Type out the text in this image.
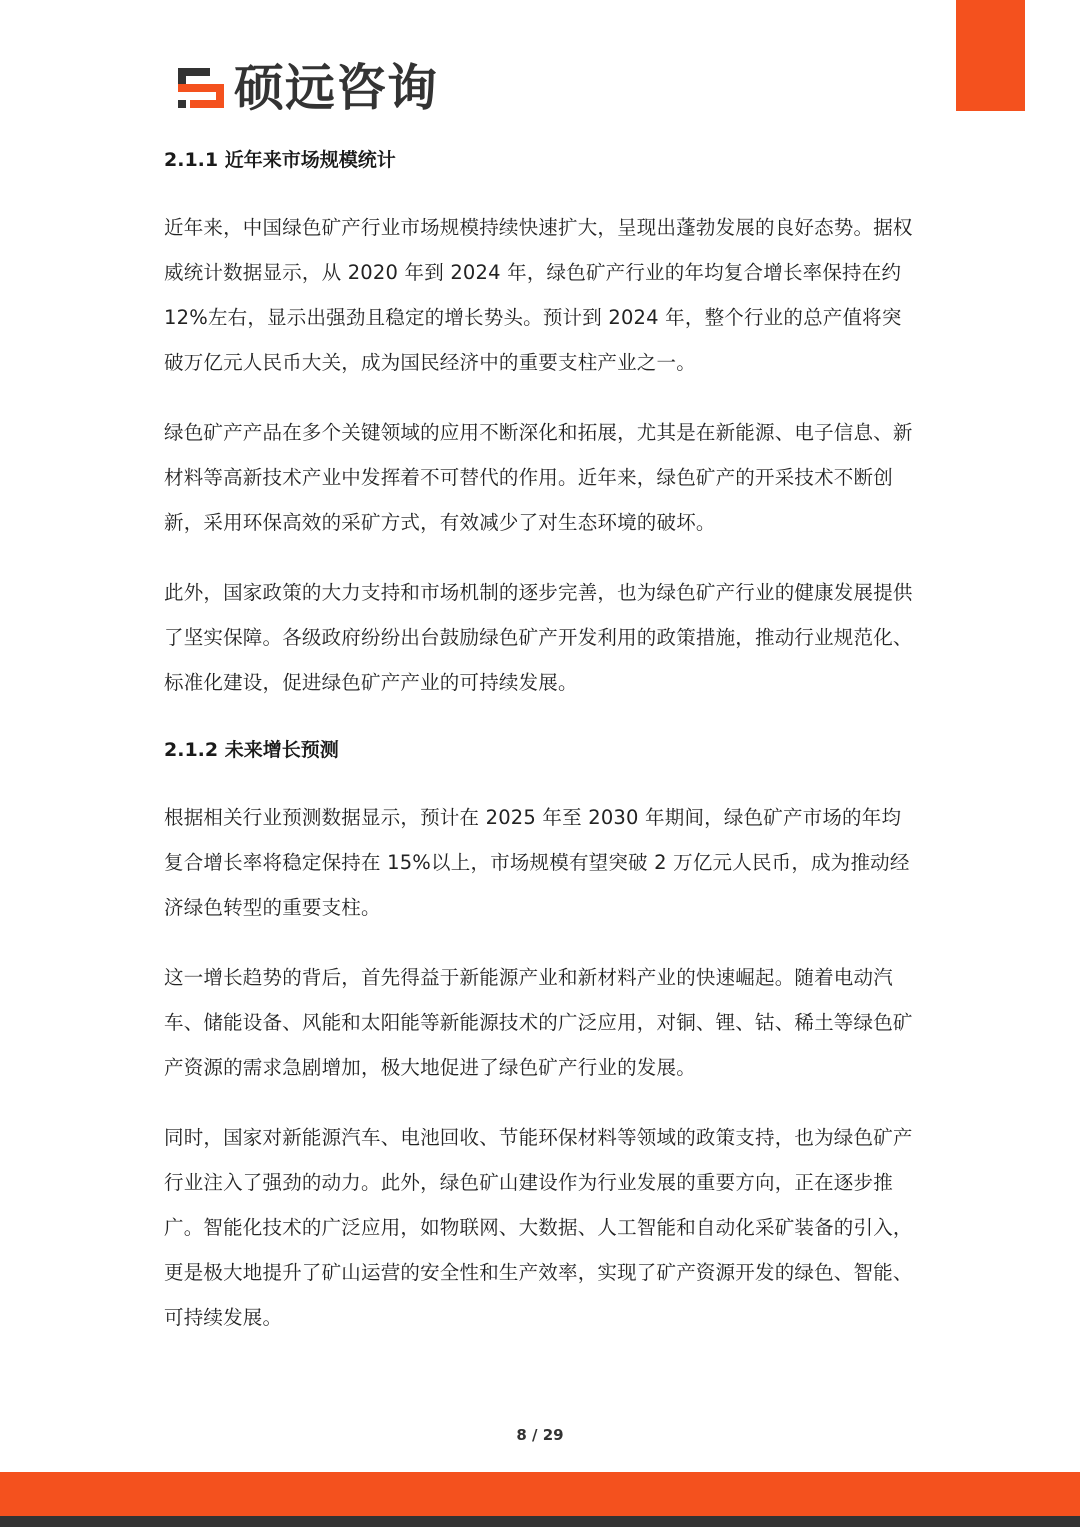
硕远咨询
2.1.1 近年来市场规模统计

近年来，中国绿色矿产行业市场规模持续快速扩大，呈现出蓬勃发展的良好态势。据权威统计数据显示，从 2020 年到 2024 年，绿色矿产行业的年均复合增长率保持在约 12%左右，显示出强劲且稳定的增长势头。预计到 2024 年，整个行业的总产值将突破万亿元人民币大关，成为国民经济中的重要支柱产业之一。

绿色矿产产品在多个关键领域的应用不断深化和拓展，尤其是在新能源、电子信息、新材料等高新技术产业中发挥着不可替代的作用。近年来，绿色矿产的开采技术不断创新，采用环保高效的采矿方式，有效减少了对生态环境的破坏。

此外，国家政策的大力支持和市场机制的逐步完善，也为绿色矿产行业的健康发展提供了坚实保障。各级政府纷纷出台鼓励绿色矿产开发利用的政策措施，推动行业规范化、标准化建设，促进绿色矿产产业的可持续发展。

2.1.2 未来增长预测

根据相关行业预测数据显示，预计在 2025 年至 2030 年期间，绿色矿产市场的年均复合增长率将稳定保持在 15%以上，市场规模有望突破 2 万亿元人民币，成为推动经济绿色转型的重要支柱。

这一增长趋势的背后，首先得益于新能源产业和新材料产业的快速崛起。随着电动汽车、储能设备、风能和太阳能等新能源技术的广泛应用，对铜、锂、钴、稀土等绿色矿产资源的需求急剧增加，极大地促进了绿色矿产行业的发展。

同时，国家对新能源汽车、电池回收、节能环保材料等领域的政策支持，也为绿色矿产行业注入了强劲的动力。此外，绿色矿山建设作为行业发展的重要方向，正在逐步推广。智能化技术的广泛应用，如物联网、大数据、人工智能和自动化采矿装备的引入，更是极大地提升了矿山运营的安全性和生产效率，实现了矿产资源开发的绿色、智能、可持续发展。

8 / 29
